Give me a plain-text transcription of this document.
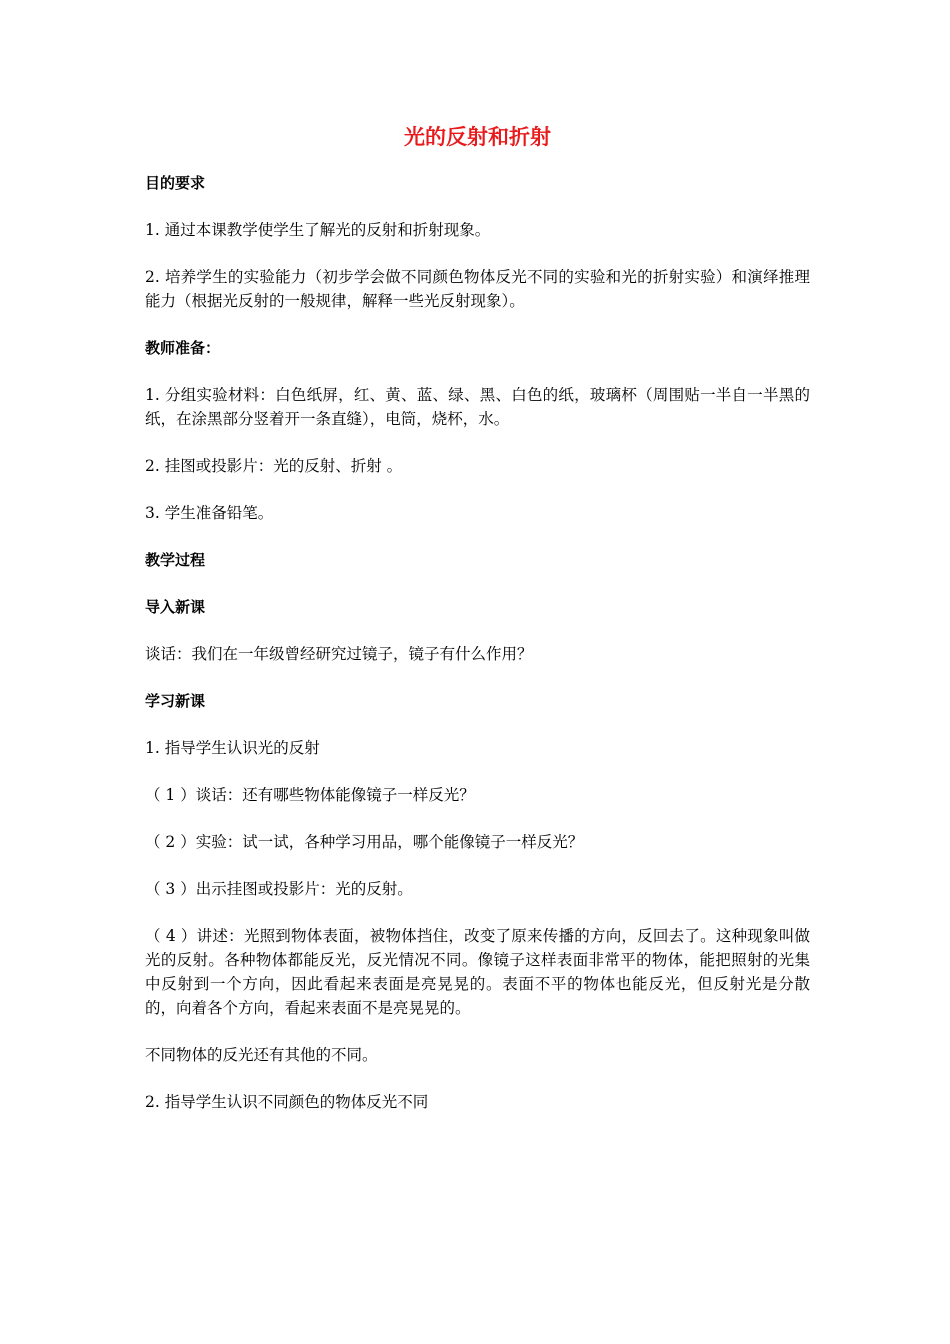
光的反射和折射
目的要求
1. 通过本课教学使学生了解光的反射和折射现象。
2. 培养学生的实验能力（初步学会做不同颜色物体反光不同的实验和光的折射实验）和演绎推理能力（根据光反射的一般规律，解释一些光反射现象）。
教师准备：
1. 分组实验材料：白色纸屏，红、黄、蓝、绿、黑、白色的纸，玻璃杯（周围贴一半自一半黑的纸，在涂黑部分竖着开一条直缝），电筒，烧杯，水。
2. 挂图或投影片：光的反射、折射 。
3. 学生准备铅笔。
教学过程
导入新课
谈话：我们在一年级曾经研究过镜子，镜子有什么作用？
学习新课
1. 指导学生认识光的反射
（ 1 ）谈话：还有哪些物体能像镜子一样反光？
（ 2 ）实验：试一试，各种学习用品，哪个能像镜子一样反光？
（ 3 ）出示挂图或投影片：光的反射。
（ 4 ）讲述：光照到物体表面，被物体挡住，改变了原来传播的方向，反回去了。这种现象叫做光的反射。各种物体都能反光，反光情况不同。像镜子这样表面非常平的物体，能把照射的光集中反射到一个方向，因此看起来表面是亮晃晃的。表面不平的物体也能反光，但反射光是分散的，向着各个方向，看起来表面不是亮晃晃的。
不同物体的反光还有其他的不同。
2. 指导学生认识不同颜色的物体反光不同
